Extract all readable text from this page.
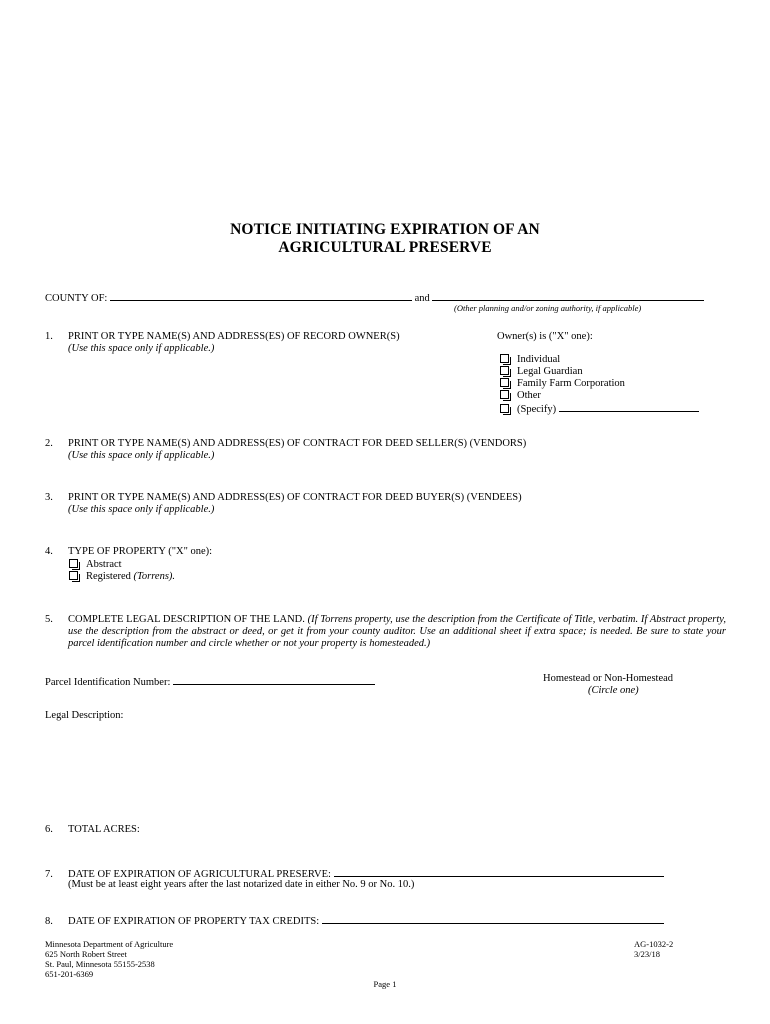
NOTICE INITIATING EXPIRATION OF AN
AGRICULTURAL PRESERVE
COUNTY OF:	and
(Other planning and/or zoning authority, if applicable)
1. PRINT OR TYPE NAME(S) AND ADDRESS(ES) OF RECORD OWNER(S)
(Use this space only if applicable.)
Owner(s) is ("X" one):
Individual
Legal Guardian
Family Farm Corporation
Other
(Specify)
2. PRINT OR TYPE NAME(S) AND ADDRESS(ES) OF CONTRACT FOR DEED SELLER(S) (VENDORS)
(Use this space only if applicable.)
3. PRINT OR TYPE NAME(S) AND ADDRESS(ES) OF CONTRACT FOR DEED BUYER(S) (VENDEES)
(Use this space only if applicable.)
4. TYPE OF PROPERTY ("X" one):
Abstract
Registered (Torrens).
5. COMPLETE LEGAL DESCRIPTION OF THE LAND. (If Torrens property, use the description from the Certificate of Title, verbatim. If Abstract property, use the description from the abstract or deed, or get it from your county auditor. Use an additional sheet if extra space; is needed. Be sure to state your parcel identification number and circle whether or not your property is homesteaded.)
Parcel Identification Number:	Homestead or Non-Homestead
(Circle one)
Legal Description:
6. TOTAL ACRES:
7. DATE OF EXPIRATION OF AGRICULTURAL PRESERVE:
(Must be at least eight years after the last notarized date in either No. 9 or No. 10.)
8. DATE OF EXPIRATION OF PROPERTY TAX CREDITS:
Minnesota Department of Agriculture
625 North Robert Street
St. Paul, Minnesota 55155-2538
651-201-6369
AG-1032-2
3/23/18
Page 1
